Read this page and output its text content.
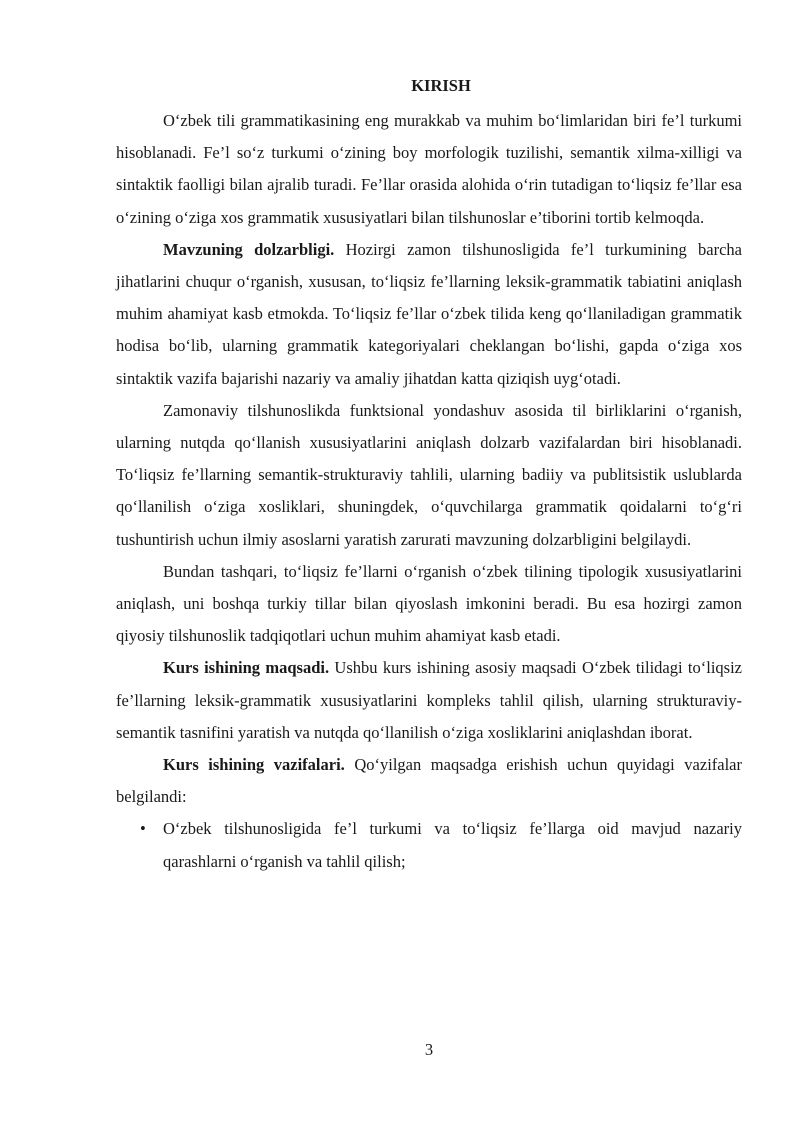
KIRISH

O‘zbek tili grammatikasining eng murakkab va muhim bo‘limlaridan biri fe’l turkumi hisoblanadi. Fe’l so‘z turkumi o‘zining boy morfologik tuzilishi, semantik xilma-xilligi va sintaktik faolligi bilan ajralib turadi. Fe’llar orasida alohida o‘rin tutadigan to‘liqsiz fe’llar esa o‘zining o‘ziga xos grammatik xususiyatlari bilan tilshunoslar e’tiborini tortib kelmoqda.

Mavzuning dolzarbligi. Hozirgi zamon tilshunosligida fe’l turkumining barcha jihatlarini chuqur o‘rganish, xususan, to‘liqsiz fe’llarning leksik-grammatik tabiatini aniqlash muhim ahamiyat kasb etmokda. To‘liqsiz fe’llar o‘zbek tilida keng qo‘llaniladigan grammatik hodisa bo‘lib, ularning grammatik kategoriyalari cheklangan bo‘lishi, gapda o‘ziga xos sintaktik vazifa bajarishi nazariy va amaliy jihatdan katta qiziqish uyg‘otadi.

Zamonaviy tilshunoslikda funktsional yondashuv asosida til birliklarini o‘rganish, ularning nutqda qo‘llanish xususiyatlarini aniqlash dolzarb vazifalardan biri hisoblanadi. To‘liqsiz fe’llarning semantik-strukturaviy tahlili, ularning badiiy va publitsistik uslublarda qo‘llanilish o‘ziga xosliklari, shuningdek, o‘quvchilarga grammatik qoidalarni to‘g‘ri tushuntirish uchun ilmiy asoslarni yaratish zarurati mavzuning dolzarbligini belgilaydi.

Bundan tashqari, to‘liqsiz fe’llarni o‘rganish o‘zbek tilining tipologik xususiyatlarini aniqlash, uni boshqa turkiy tillar bilan qiyoslash imkonini beradi. Bu esa hozirgi zamon qiyosiy tilshunoslik tadqiqotlari uchun muhim ahamiyat kasb etadi.

Kurs ishining maqsadi. Ushbu kurs ishining asosiy maqsadi O‘zbek tilidagi to‘liqsiz fe’llarning leksik-grammatik xususiyatlarini kompleks tahlil qilish, ularning strukturaviy-semantik tasnifini yaratish va nutqda qo‘llanilish o‘ziga xosliklarini aniqlashdan iborat.

Kurs ishining vazifalari. Qo‘yilgan maqsadga erishish uchun quyidagi vazifalar belgilandi:

• O‘zbek tilshunosligida fe’l turkumi va to‘liqsiz fe’llarga oid mavjud nazariy qarashlarni o‘rganish va tahlil qilish;
3
